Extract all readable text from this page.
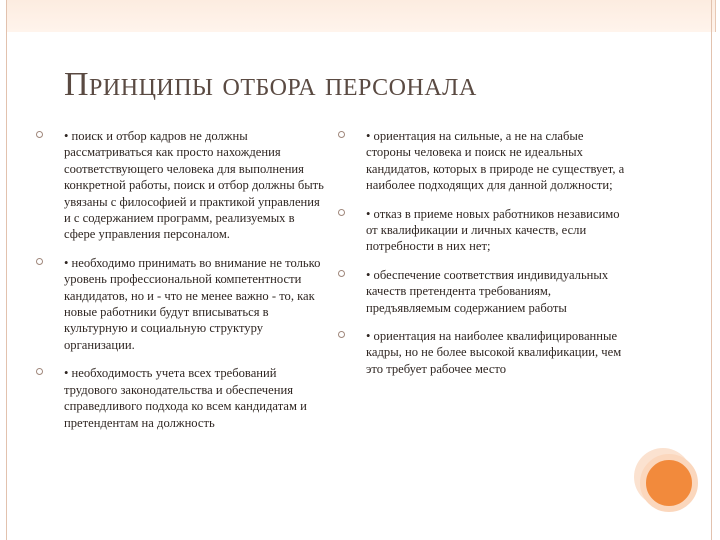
Принципы отбора персонала
• поиск и отбор кадров не должны рассматриваться как просто нахождения соответствующего человека для выполнения конкретной работы, поиск и отбор должны быть увязаны с философией и практикой управления и с содержанием программ, реализуемых в сфере управления персоналом.
• необходимо принимать во внимание не только уровень профессиональной компетентности кандидатов, но и - что не менее важно - то, как новые работники будут вписываться в культурную и социальную структуру организации.
• необходимость учета всех требований трудового законодательства и обеспечения справедливого подхода ко всем кандидатам и претендентам на должность
• ориентация на сильные, а не на слабые стороны человека и поиск не идеальных кандидатов, которых в природе не существует, а наиболее подходящих для данной должности;
• отказ в приеме новых работников независимо от квалификации и личных качеств, если потребности в них нет;
• обеспечение соответствия индивидуальных качеств претендента требованиям, предъявляемым содержанием работы
• ориентация на наиболее квалифицированные кадры, но не более высокой квалификации, чем это требует рабочее место
